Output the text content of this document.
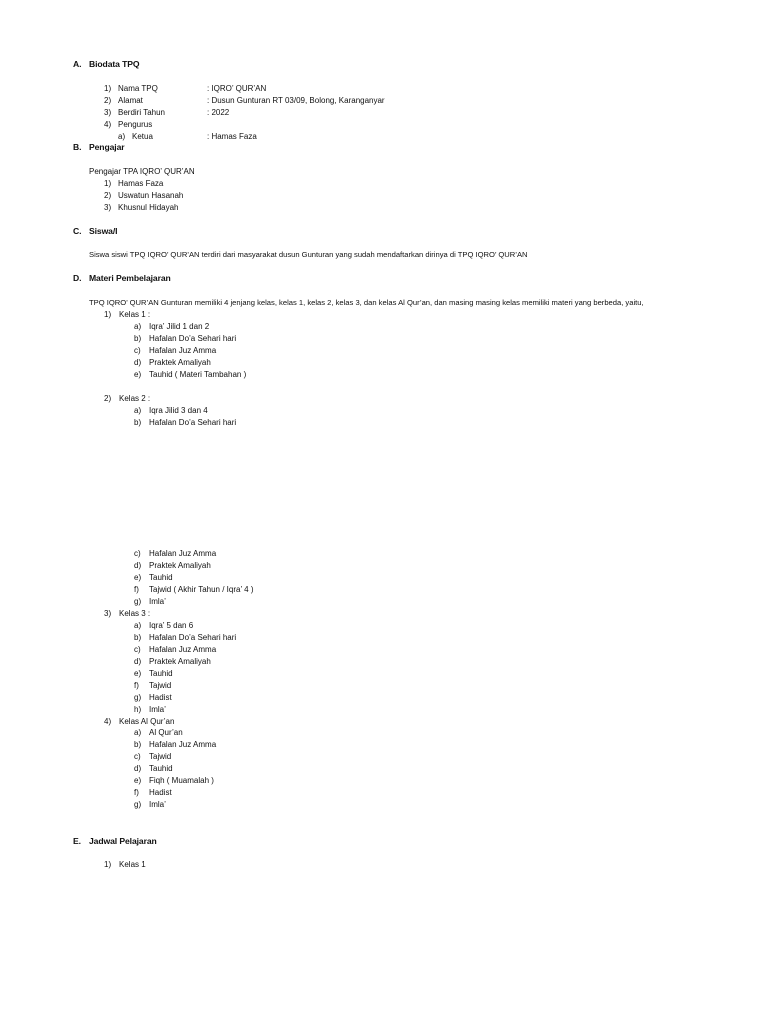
A. Biodata TPQ
1) Nama TPQ	: IQRO’ QUR’AN
2) Alamat	: Dusun Gunturan RT 03/09, Bolong, Karanganyar
3) Berdiri Tahun	: 2022
4) Pengurus
a) Ketua	: Hamas Faza
B. Pengajar
Pengajar TPA IQRO’ QUR’AN
1) Hamas Faza
2) Uswatun Hasanah
3) Khusnul Hidayah
C. Siswa/I
Siswa siswi TPQ IQRO’ QUR’AN terdiri dari masyarakat dusun Gunturan yang sudah mendaftarkan dirinya di TPQ IQRO’ QUR’AN
D. Materi Pembelajaran
TPQ IQRO’ QUR’AN Gunturan memiliki 4 jenjang kelas, kelas 1, kelas 2, kelas 3, dan kelas Al Qur’an, dan masing masing kelas memiliki materi yang berbeda, yaitu,
1) Kelas 1 :
a) Iqra’ Jilid 1 dan 2
b) Hafalan Do’a Sehari hari
c) Hafalan Juz Amma
d) Praktek Amaliyah
e) Tauhid ( Materi Tambahan )
2) Kelas 2 :
a) Iqra Jilid 3 dan 4
b) Hafalan Do’a Sehari hari
c) Hafalan Juz Amma
d) Praktek Amaliyah
e) Tauhid
f) Tajwid ( Akhir Tahun / Iqra’ 4 )
g) Imla’
3) Kelas 3 :
a) Iqra’ 5 dan 6
b) Hafalan Do’a Sehari hari
c) Hafalan Juz Amma
d) Praktek Amaliyah
e) Tauhid
f) Tajwid
g) Hadist
h) Imla’
4) Kelas Al Qur’an
a) Al Qur’an
b) Hafalan Juz Amma
c) Tajwid
d) Tauhid
e) Fiqh ( Muamalah )
f) Hadist
g) Imla’
E. Jadwal Pelajaran
1) Kelas 1
